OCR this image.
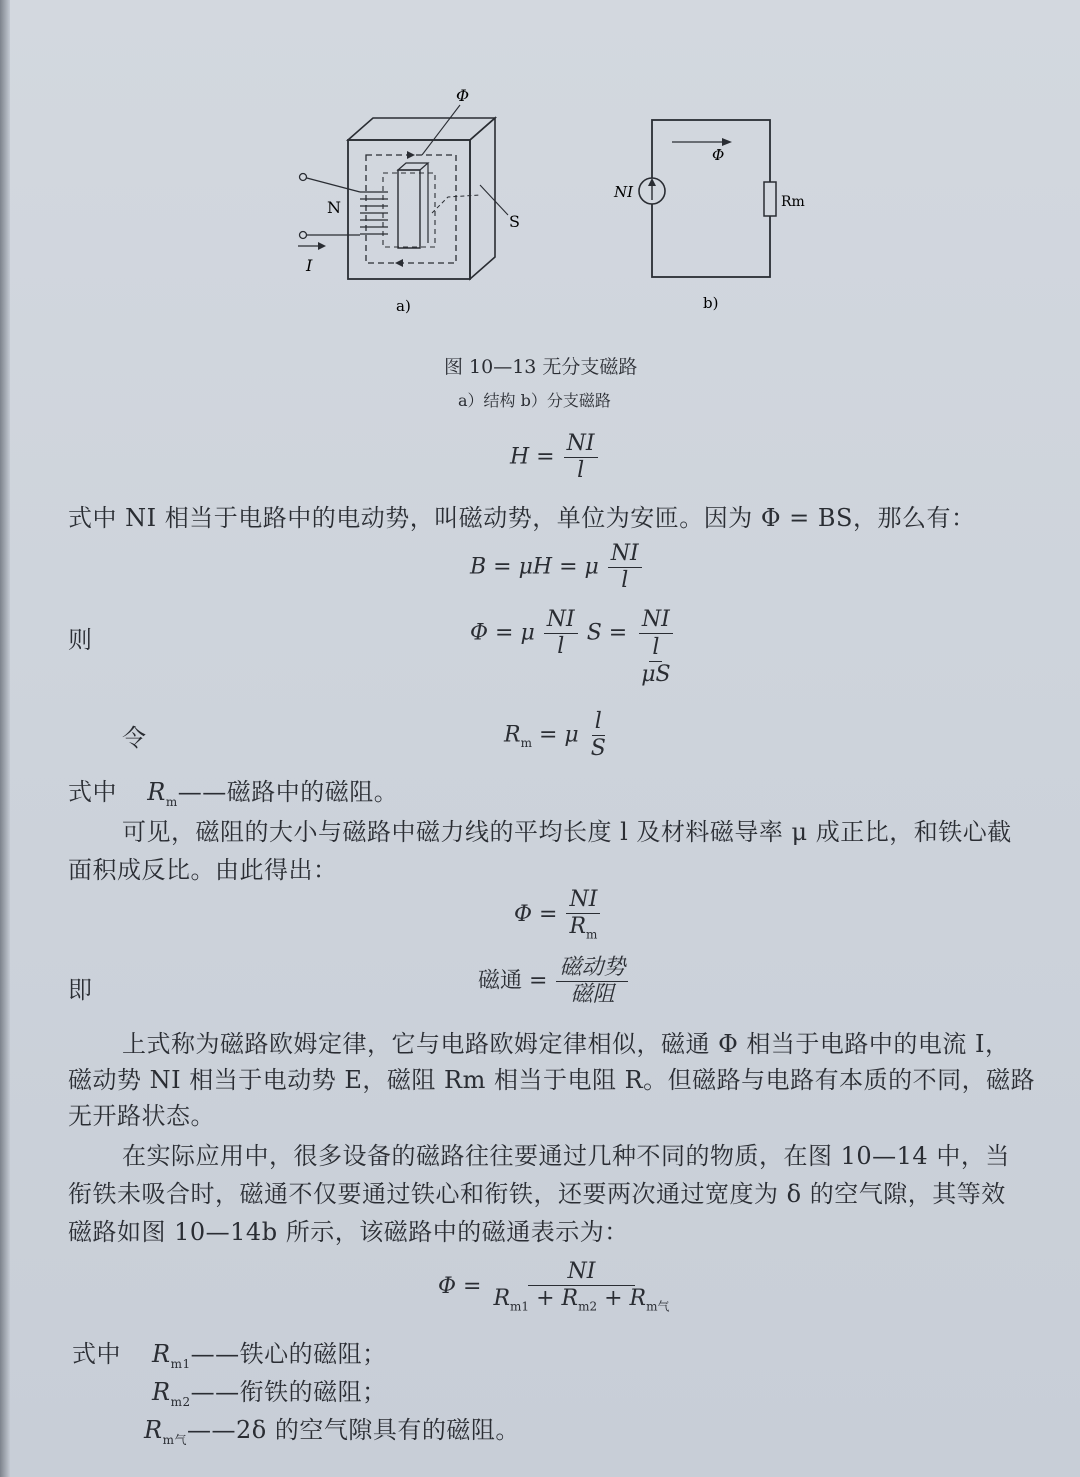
Φ
N
S
I
a)
Φ
NI
Rm
b)
图 10—13 无分支磁路
a）结构 b）分支磁路
$H = \frac{NI}{l}$
式中 NI 相当于电路中的电动势，叫磁动势，单位为安匝。因为 Φ = BS，那么有：
B = μH = μ $\frac{NI}{l}$
则	Φ = μ $\frac{NI}{l}$ $S = \frac{NI}{\frac{l}{\mu S}}$
令	$R_m = \mu \frac{l}{S}$
式中 $R_m——$磁路中的磁阻。
可见，磁阻的大小与磁路中磁力线的平均长度 l 及材料磁导率 μ 成正比，和铁心截
面积成反比。由此得出：
$\Phi = \frac{NI}{R_m}$
即	磁通 = $\frac{\text{磁动势}}{\text{磁阻}}$
上式称为磁路欧姆定律，它与电路欧姆定律相似，磁通 Φ 相当于电路中的电流 I，
磁动势 NI 相当于电动势 E，磁阻 Rm 相当于电阻 R。但磁路与电路有本质的不同，磁路
无开路状态。
在实际应用中，很多设备的磁路往往要通过几种不同的物质，在图 10—14 中，当
衔铁未吸合时，磁通不仅要通过铁心和衔铁，还要两次通过宽度为 δ 的空气隙，其等效
磁路如图 10—14b 所示，该磁路中的磁通表示为：
$\Phi = \frac{NI}{R_{m1} + R_{m2} + R_{m气}}$
式中 $R_{m1}——$铁心的磁阻；
$R_{m2}——$衔铁的磁阻；
$R_{m气}——2\delta$ 的空气隙具有的磁阻。
